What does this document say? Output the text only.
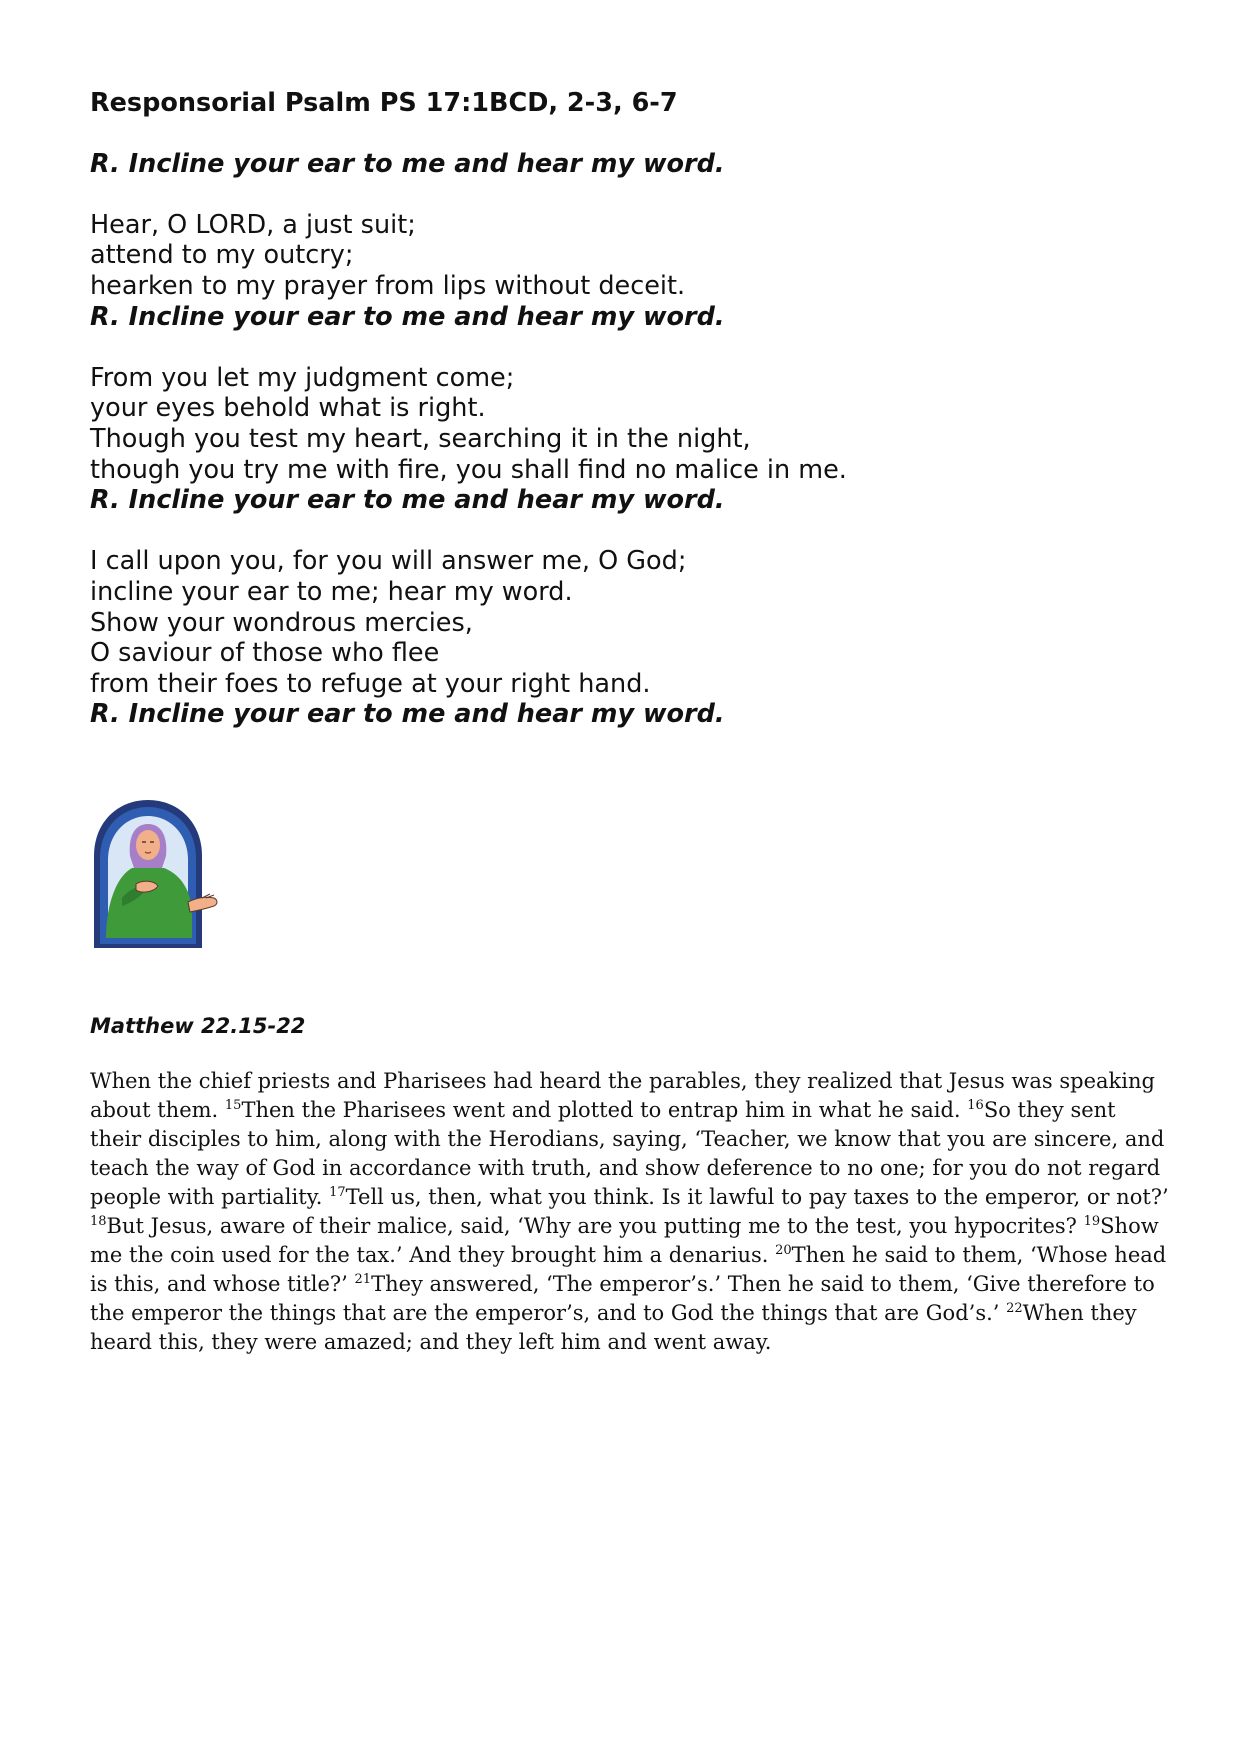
Responsorial Psalm PS 17:1BCD, 2-3, 6-7
R. Incline your ear to me and hear my word.
Hear, O LORD, a just suit;
attend to my outcry;
hearken to my prayer from lips without deceit.
R. Incline your ear to me and hear my word.
From you let my judgment come;
your eyes behold what is right.
Though you test my heart, searching it in the night,
though you try me with fire, you shall find no malice in me.
R. Incline your ear to me and hear my word.
I call upon you, for you will answer me, O God;
incline your ear to me; hear my word.
Show your wondrous mercies,
O saviour of those who flee
from their foes to refuge at your right hand.
R. Incline your ear to me and hear my word.
Matthew 22.15-22

When the chief priests and Pharisees had heard the parables, they realized that Jesus was speaking about them. $^{15}$Then the Pharisees went and plotted to entrap him in what he said. $^{16}$So they sent their disciples to him, along with the Herodians, saying, ‘Teacher, we know that you are sincere, and teach the way of God in accordance with truth, and show deference to no one; for you do not regard people with partiality. $^{17}$Tell us, then, what you think. Is it lawful to pay taxes to the emperor, or not?’ $^{18}$But Jesus, aware of their malice, said, ‘Why are you putting me to the test, you hypocrites? $^{19}$Show me the coin used for the tax.’ And they brought him a denarius. $^{20}$Then he said to them, ‘Whose head is this, and whose title?’ $^{21}$They answered, ‘The emperor’s.’ Then he said to them, ‘Give therefore to the emperor the things that are the emperor’s, and to God the things that are God’s.’ $^{22}$When they heard this, they were amazed; and they left him and went away.
